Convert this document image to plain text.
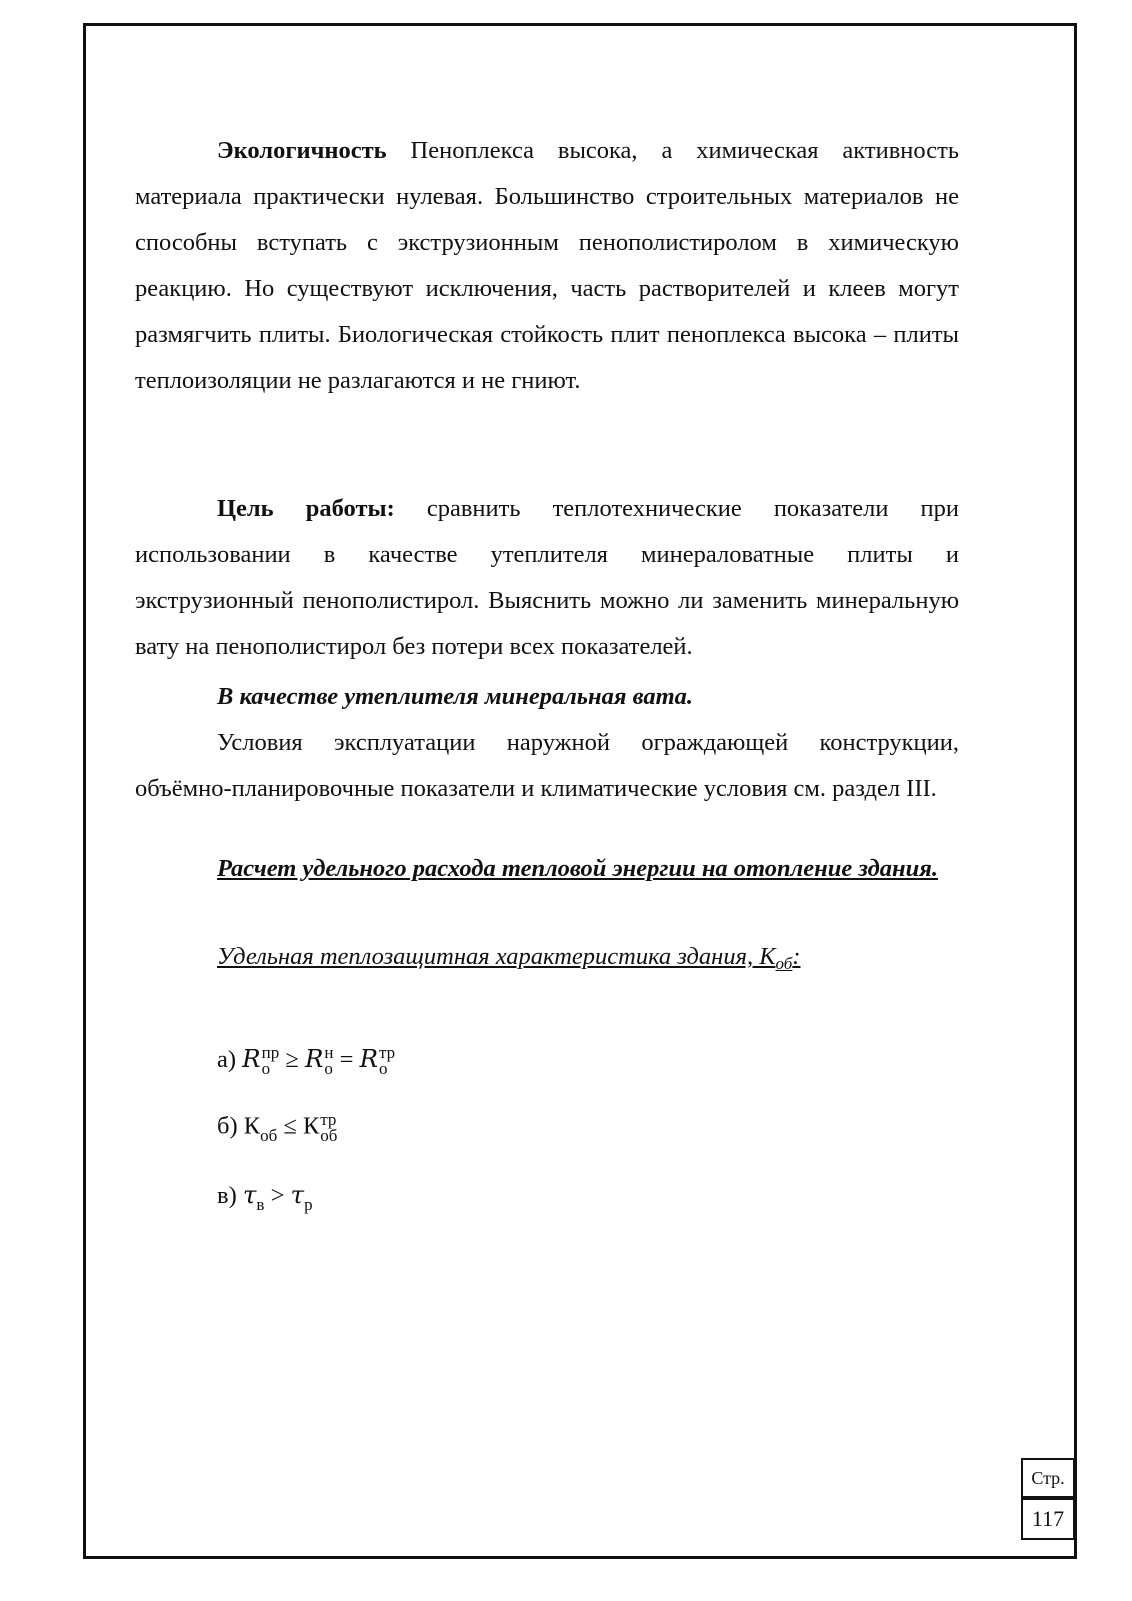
Экологичность Пеноплекса высока, а химическая активность материала практически нулевая. Большинство строительных материалов не способны вступать с экструзионным пенополистиролом в химическую реакцию. Но существуют исключения, часть растворителей и клеев могут размягчить плиты. Биологическая стойкость плит пеноплекса высока – плиты теплоизоляции не разлагаются и не гниют.

Цель работы: сравнить теплотехнические показатели при использовании в качестве утеплителя минераловатные плиты и экструзионный пенополистирол. Выяснить можно ли заменить минеральную вату на пенополистирол без потери всех показателей.

В качестве утеплителя минеральная вата.

Условия эксплуатации наружной ограждающей конструкции, объёмно-планировочные показатели и климатические условия см. раздел III.

Расчет удельного расхода тепловой энергии на отопление здания.

Удельная теплозащитная характеристика здания, $К_{об}$:

а) R пр
о ≥ R н
о = R тр
о
б) $К_{об} \le К$ тр
об
в) $\tau_в > \tau_р$
Стр.
117
